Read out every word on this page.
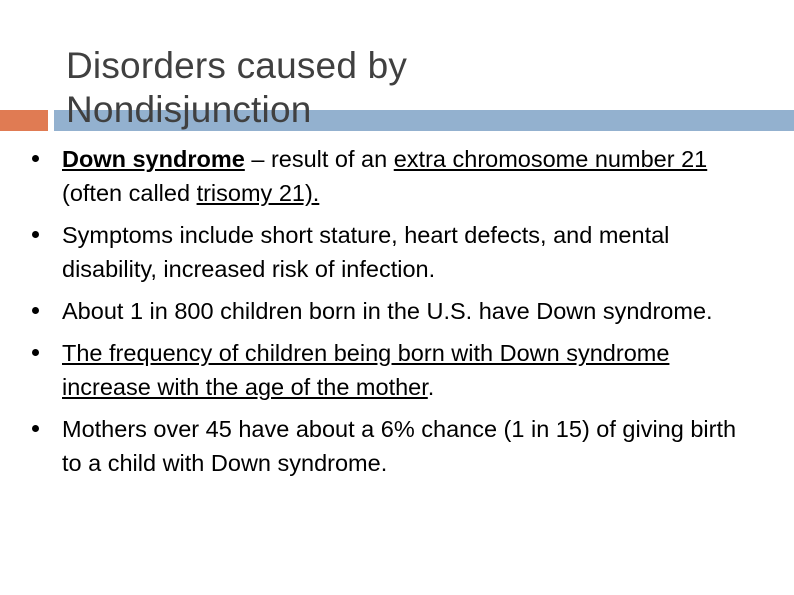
Disorders caused by Nondisjunction
Down syndrome – result of an extra chromosome number 21 (often called trisomy 21).
Symptoms include short stature, heart defects, and mental disability, increased risk of infection.
About 1 in 800 children born in the U.S. have Down syndrome.
The frequency of children being born with Down syndrome increase with the age of the mother.
Mothers over 45 have about a 6% chance (1 in 15) of giving birth to a child with Down syndrome.
